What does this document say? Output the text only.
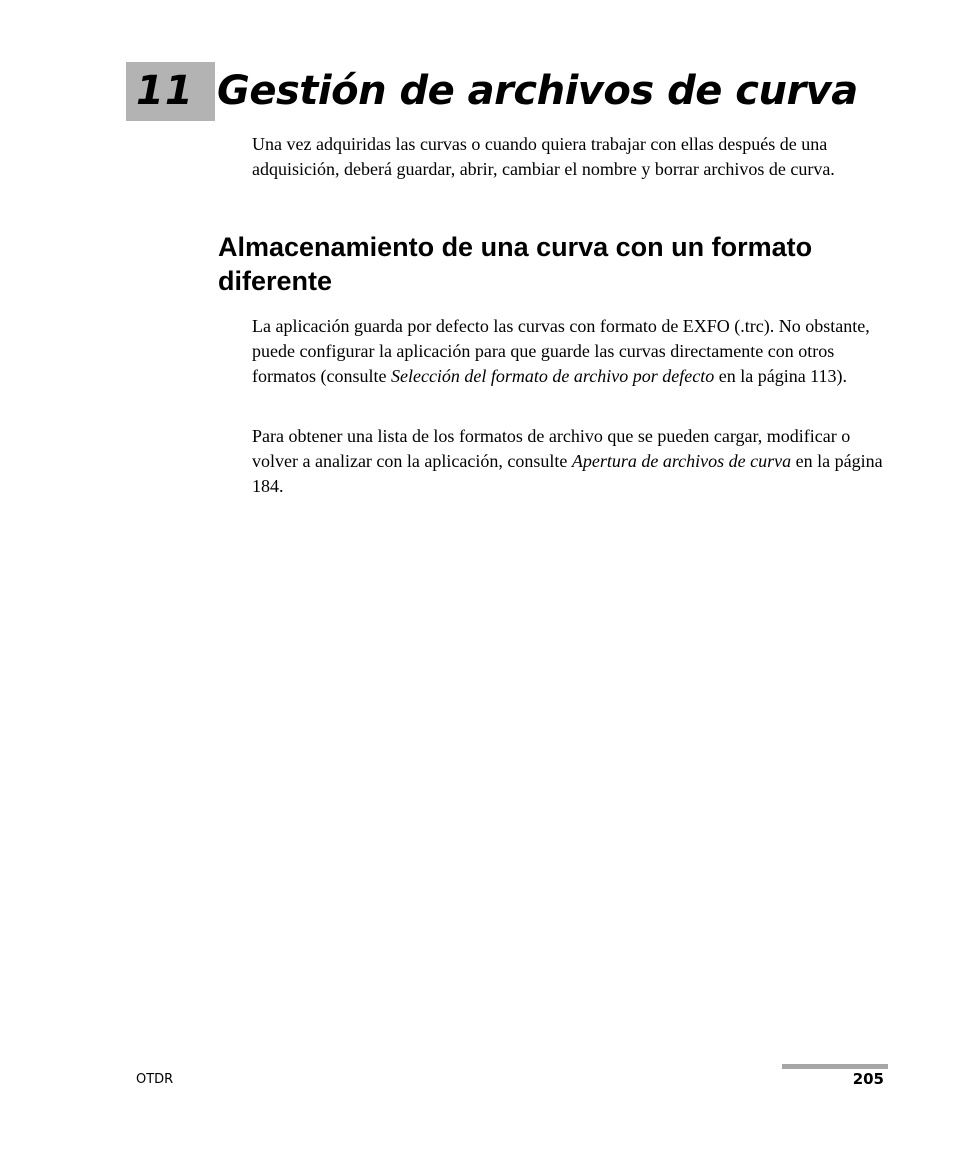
11 Gestión de archivos de curva

Una vez adquiridas las curvas o cuando quiera trabajar con ellas después de una adquisición, deberá guardar, abrir, cambiar el nombre y borrar archivos de curva.

Almacenamiento de una curva con un formato diferente

La aplicación guarda por defecto las curvas con formato de EXFO (.trc). No obstante, puede configurar la aplicación para que guarde las curvas directamente con otros formatos (consulte Selección del formato de archivo por defecto en la página 113).

Para obtener una lista de los formatos de archivo que se pueden cargar, modificar o volver a analizar con la aplicación, consulte Apertura de archivos de curva en la página 184.

OTDR	205
